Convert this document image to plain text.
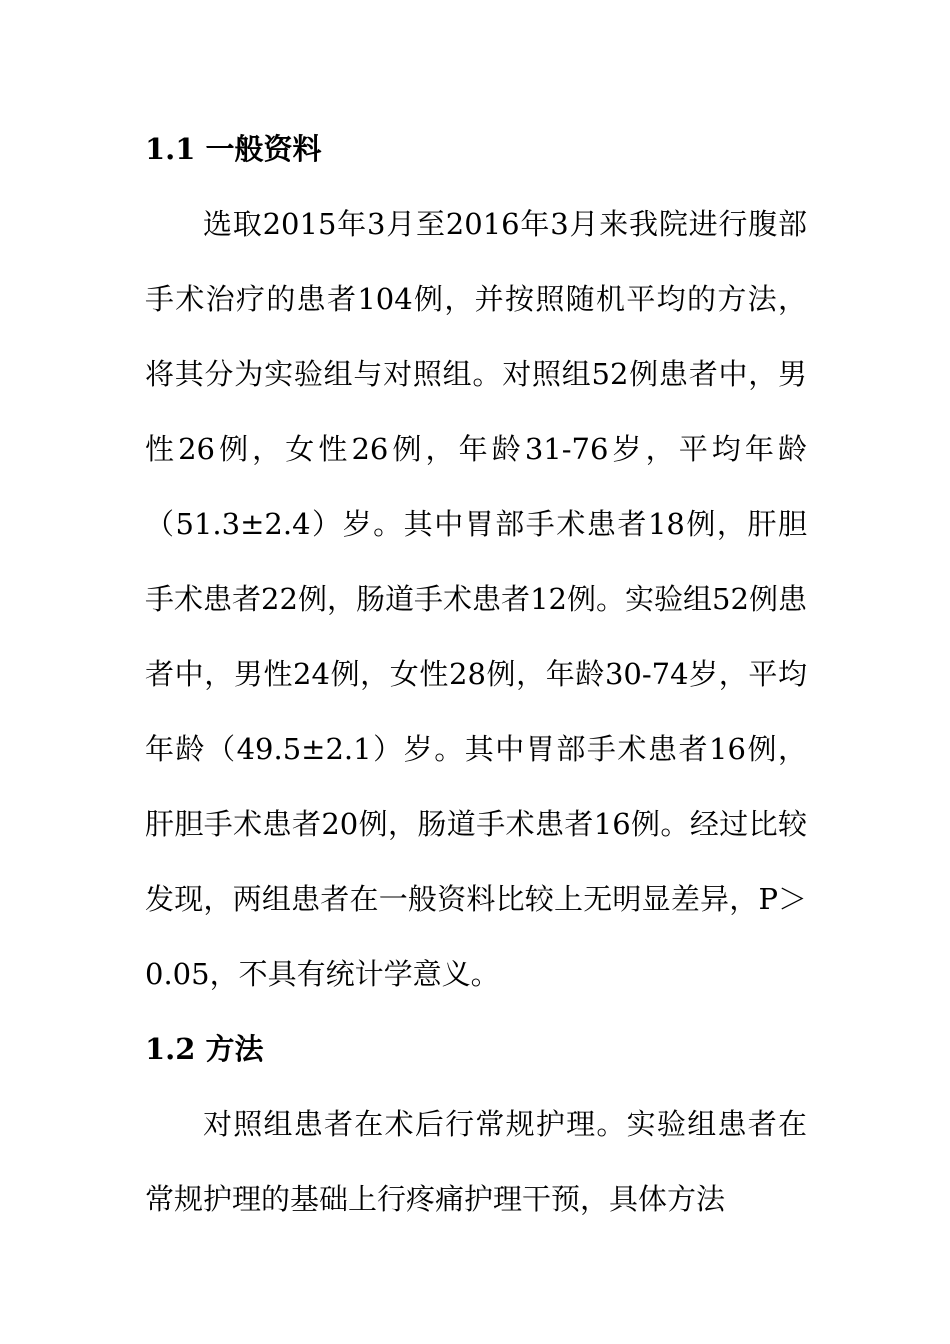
1.1 一般资料

选取2015年3月至2016年3月来我院进行腹部手术治疗的患者104例，并按照随机平均的方法，将其分为实验组与对照组。对照组52例患者中，男性26例，女性26例，年龄31-76岁，平均年龄（51.3±2.4）岁。其中胃部手术患者18例，肝胆手术患者22例，肠道手术患者12例。实验组52例患者中，男性24例，女性28例，年龄30-74岁，平均年龄（49.5±2.1）岁。其中胃部手术患者16例，肝胆手术患者20例，肠道手术患者16例。经过比较发现，两组患者在一般资料比较上无明显差异，P＞0.05，不具有统计学意义。

1.2 方法

对照组患者在术后行常规护理。实验组患者在常规护理的基础上行疼痛护理干预，具体方法
